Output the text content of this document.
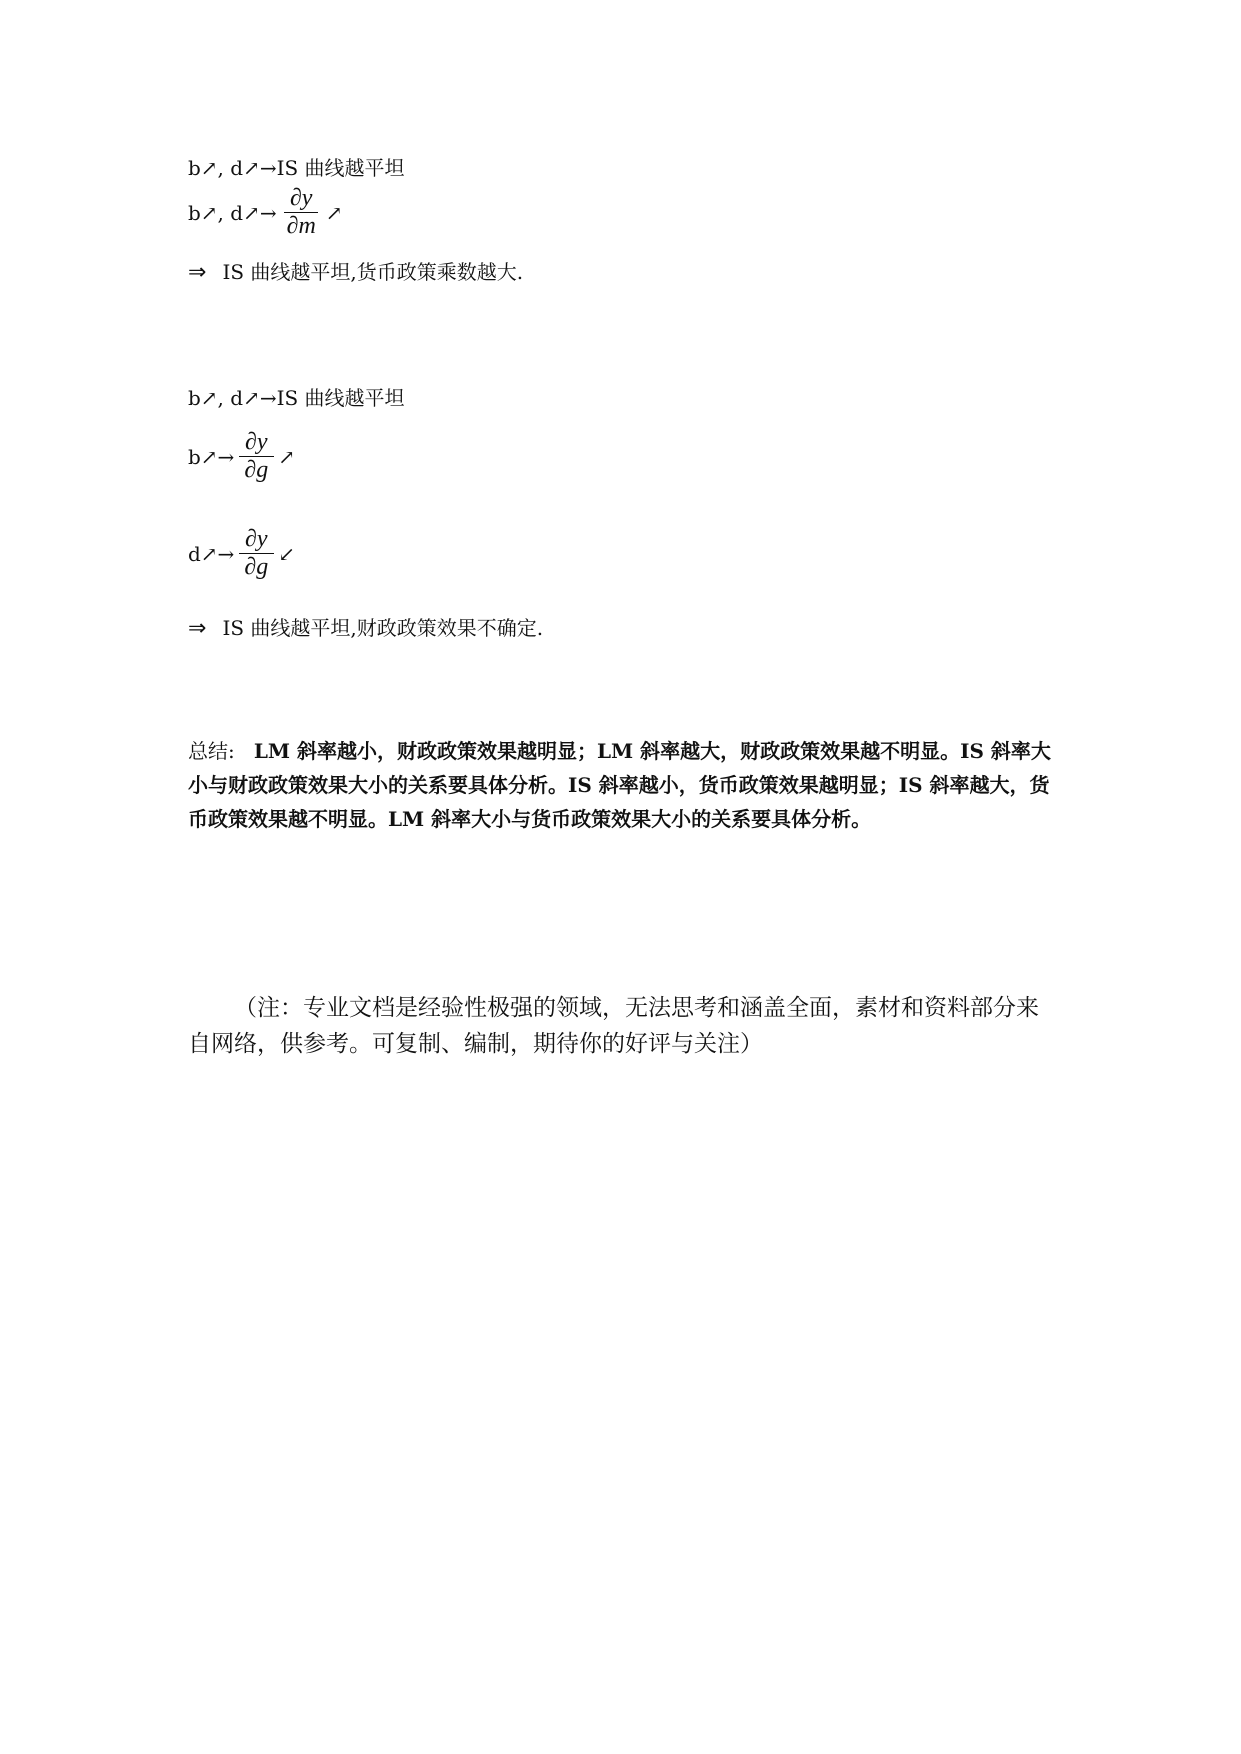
b↗, d↗→IS 曲线越平坦
b↗, d↗→ $\frac{\partial y}{\partial m}$ ↗
⇒ IS 曲线越平坦,货币政策乘数越大.
b↗, d↗→IS 曲线越平坦
b↗→ $\frac{\partial y}{\partial g}$ ↗
d↗→ $\frac{\partial y}{\partial g}$ ↙
⇒ IS 曲线越平坦,财政政策效果不确定.
总结: LM 斜率越小，财政政策效果越明显；LM 斜率越大，财政政策效果越不明显。IS 斜率大小与财政政策效果大小的关系要具体分析。IS 斜率越小，货币政策效果越明显；IS 斜率越大，货币政策效果越不明显。LM 斜率大小与货币政策效果大小的关系要具体分析。
（注：专业文档是经验性极强的领域，无法思考和涵盖全面，素材和资料部分来自网络，供参考。可复制、编制，期待你的好评与关注）
